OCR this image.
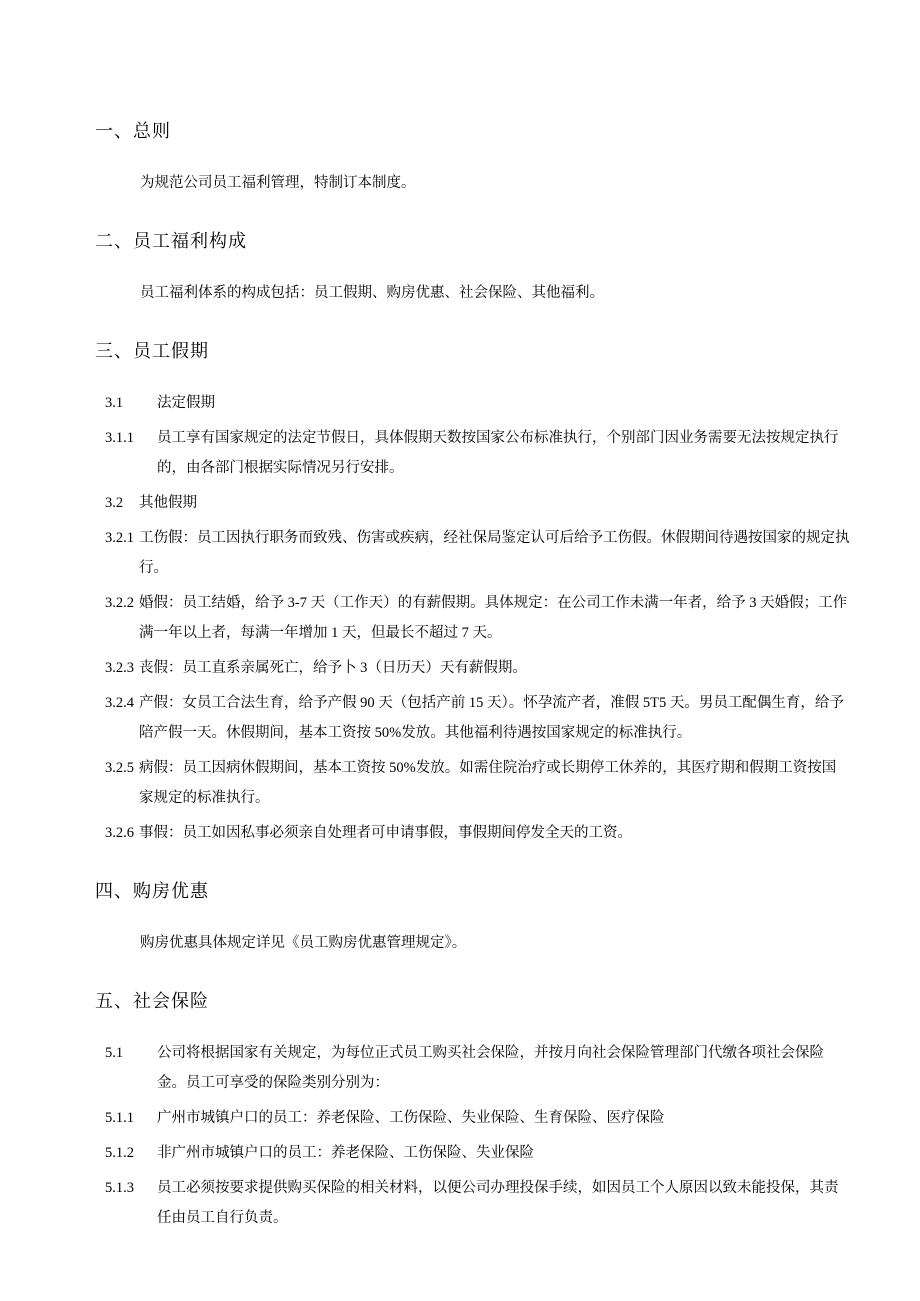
一、总则

为规范公司员工福利管理，特制订本制度。

二、员工福利构成

员工福利体系的构成包括：员工假期、购房优惠、社会保险、其他福利。

三、员工假期
3.1	法定假期
3.1.1	员工享有国家规定的法定节假日，具体假期天数按国家公布标准执行，个别部门因业务需要无法按规定执行的，由各部门根据实际情况另行安排。
3.2	其他假期
3.2.1 工伤假：员工因执行职务而致残、伤害或疾病，经社保局鉴定认可后给予工伤假。休假期间待遇按国家的规定执行。
3.2.2 婚假：员工结婚，给予 3-7 天（工作天）的有薪假期。具体规定：在公司工作未满一年者，给予 3 天婚假；工作满一年以上者，每满一年增加 1 天，但最长不超过 7 天。
3.2.3 丧假：员工直系亲属死亡，给予卜 3（日历天）天有薪假期。
3.2.4 产假：女员工合法生育，给予产假 90 天（包括产前 15 天）。怀孕流产者，准假 5T5 天。男员工配偶生育，给予陪产假一天。休假期间，基本工资按 50%发放。其他福利待遇按国家规定的标准执行。
3.2.5 病假：员工因病休假期间，基本工资按 50%发放。如需住院治疗或长期停工休养的，其医疗期和假期工资按国家规定的标准执行。
3.2.6 事假：员工如因私事必须亲自处理者可申请事假，事假期间停发全天的工资。
四、购房优惠

购房优惠具体规定详见《员工购房优惠管理规定》。

五、社会保险
5.1	公司将根据国家有关规定，为每位正式员工购买社会保险，并按月向社会保险管理部门代缴各项社会保险金。员工可享受的保险类别分别为：
5.1.1	广州市城镇户口的员工：养老保险、工伤保险、失业保险、生育保险、医疗保险
5.1.2	非广州市城镇户口的员工：养老保险、工伤保险、失业保险
5.1.3	员工必须按要求提供购买保险的相关材料，以便公司办理投保手续，如因员工个人原因以致未能投保，其责任由员工自行负责。
